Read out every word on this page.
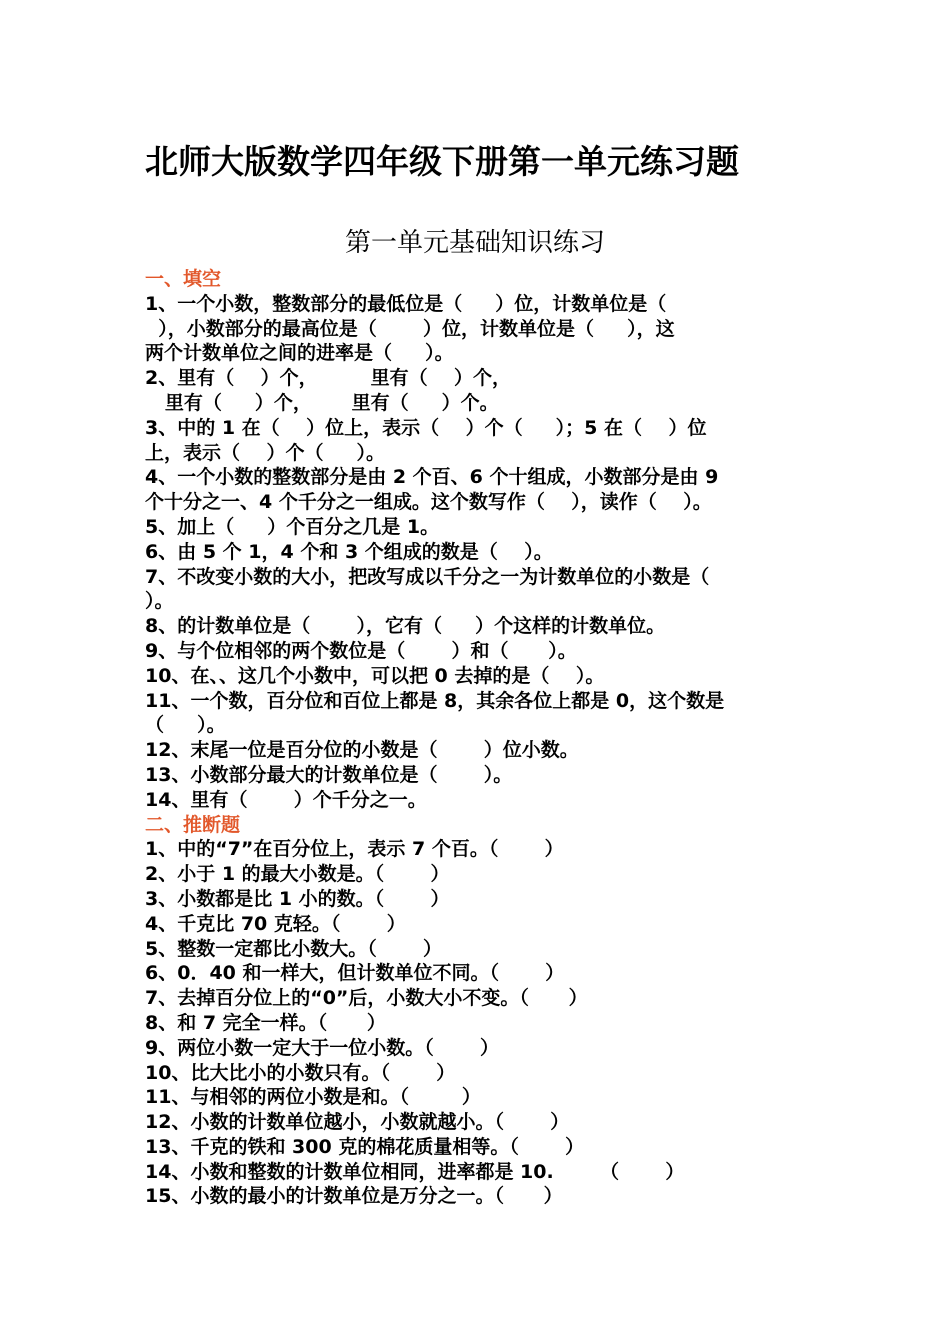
北师大版数学四年级下册第一单元练习题
第一单元基础知识练习
一、填空
1、一个小数，整数部分的最低位是（     ）位，计数单位是（
），小数部分的最高位是（       ）位，计数单位是（     ），这
两个计数单位之间的进率是（     ）。
2、里有（    ）个，        里有（    ）个，
里有（     ）个，      里有（     ）个。
3、中的 1 在（    ）位上，表示（    ）个（     ）；5 在（    ）位
上，表示（    ）个（     ）。
4、一个小数的整数部分是由 2 个百、6 个十组成，小数部分是由 9
个十分之一、4 个千分之一组成。这个数写作（    ），读作（    ）。
5、加上（     ）个百分之几是 1。
6、由 5 个 1，4 个和 3 个组成的数是（    ）。
7、不改变小数的大小，把改写成以千分之一为计数单位的小数是（
）。
8、的计数单位是（       ），它有（     ）个这样的计数单位。
9、与个位相邻的两个数位是（       ）和（      ）。
10、在、、这几个小数中，可以把 0 去掉的是（    ）。
11、一个数，百分位和百位上都是 8，其余各位上都是 0，这个数是
（     ）。
12、末尾一位是百分位的小数是（       ）位小数。
13、小数部分最大的计数单位是（       ）。
14、里有（       ）个千分之一。
二、推断题
1、中的“7”在百分位上，表示 7 个百。（       ）
2、小于 1 的最大小数是。（       ）
3、小数都是比 1 小的数。（       ）
4、千克比 70 克轻。（       ）
5、整数一定都比小数大。（       ）
6、0．40 和一样大，但计数单位不同。（       ）
7、去掉百分位上的“0”后，小数大小不变。（      ）
8、和 7 完全一样。（      ）
9、两位小数一定大于一位小数。（       ）
10、比大比小的小数只有。（       ）
11、与相邻的两位小数是和。（        ）
12、小数的计数单位越小，小数就越小。（       ）
13、千克的铁和 300 克的棉花质量相等。（       ）
14、小数和整数的计数单位相同，进率都是 10.       （       ）
15、小数的最小的计数单位是万分之一。（      ）
